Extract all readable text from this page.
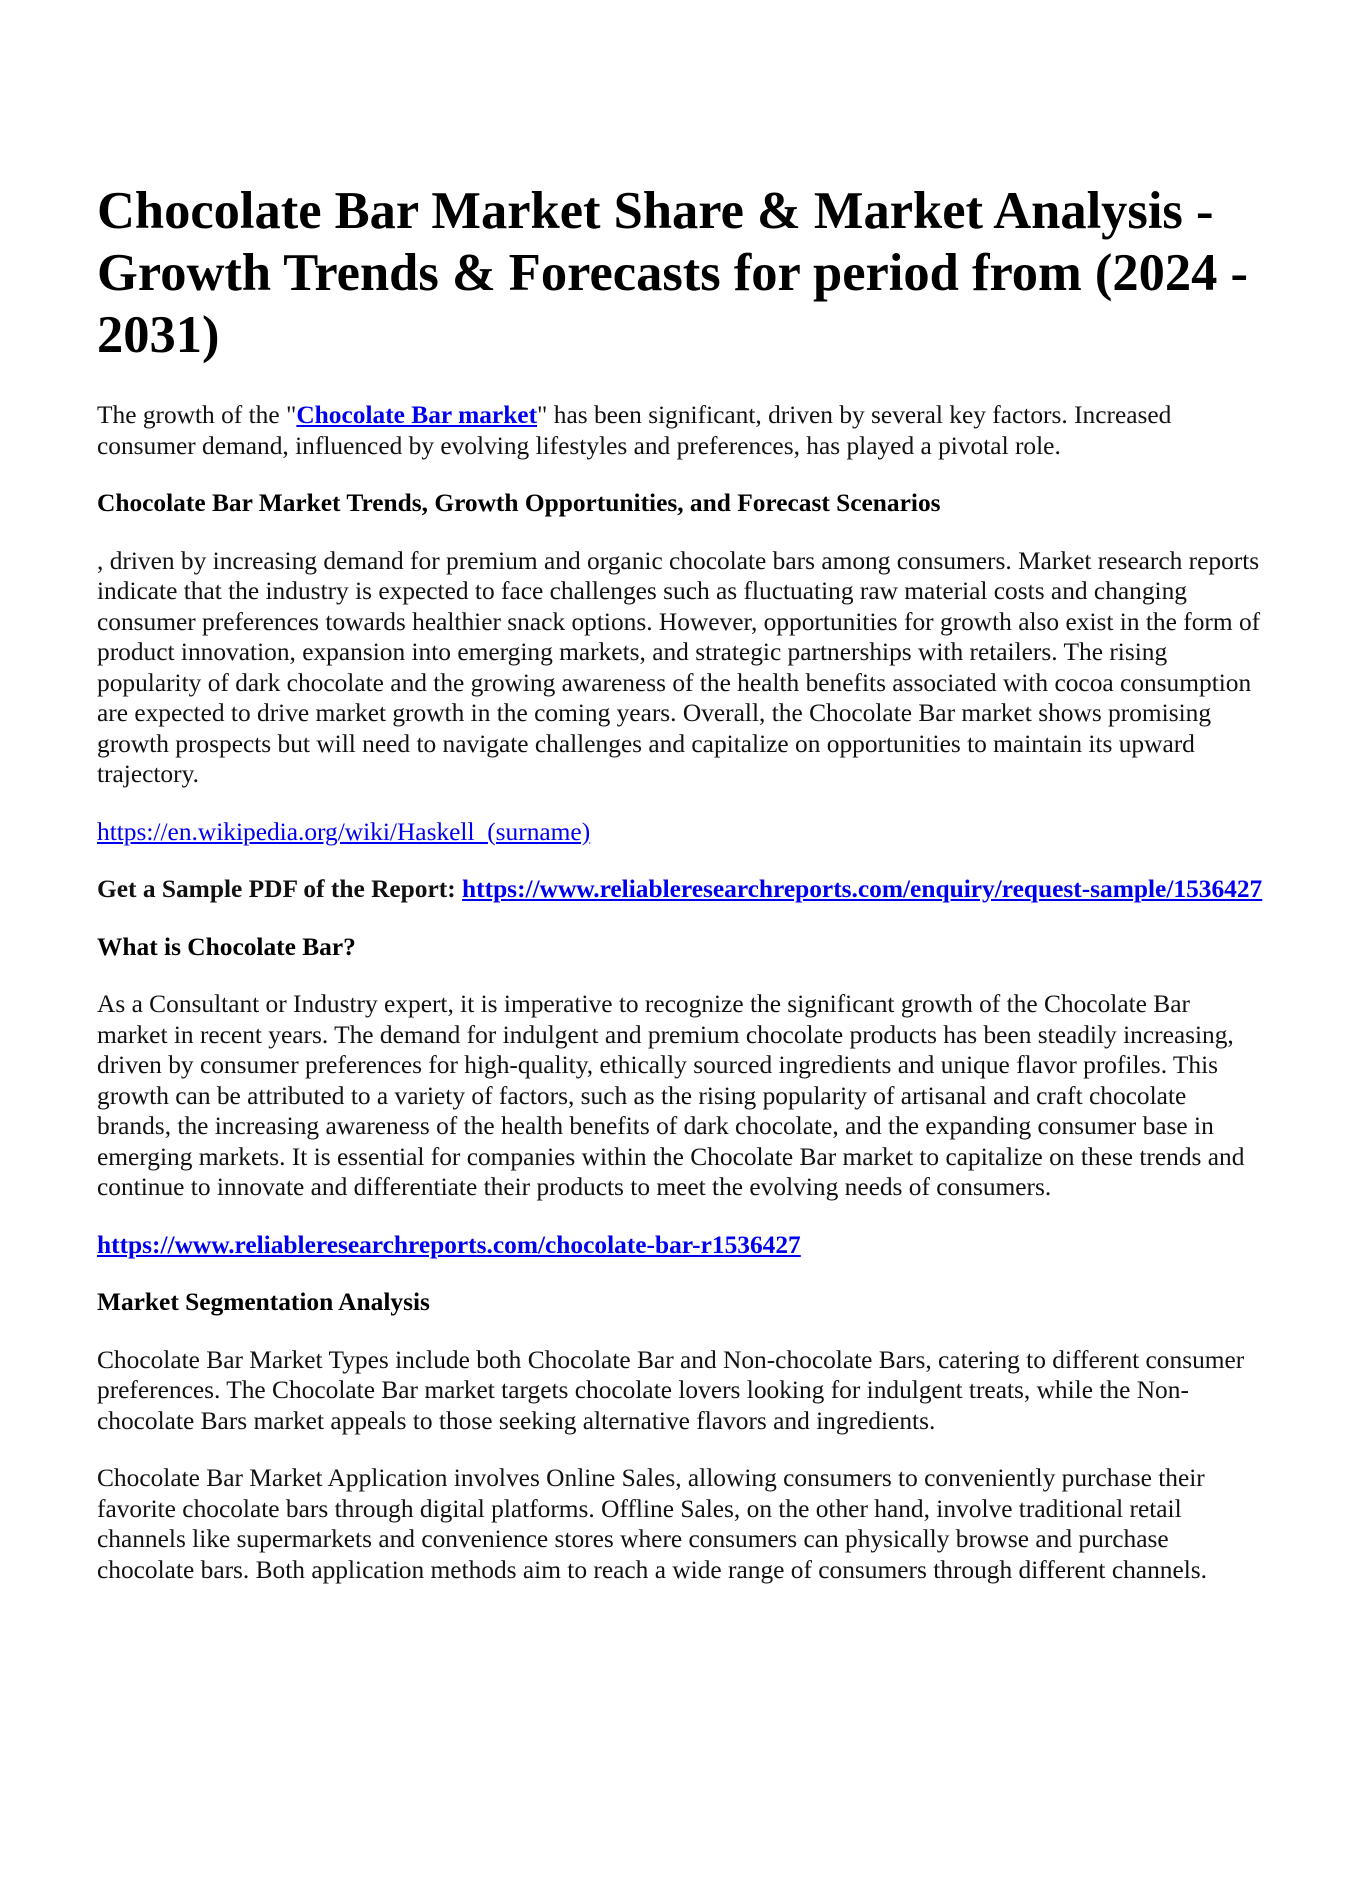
Chocolate Bar Market Share & Market Analysis - Growth Trends & Forecasts for period from (2024 - 2031)

The growth of the "Chocolate Bar market" has been significant, driven by several key factors. Increased consumer demand, influenced by evolving lifestyles and preferences, has played a pivotal role.

Chocolate Bar Market Trends, Growth Opportunities, and Forecast Scenarios

, driven by increasing demand for premium and organic chocolate bars among consumers. Market research reports indicate that the industry is expected to face challenges such as fluctuating raw material costs and changing consumer preferences towards healthier snack options. However, opportunities for growth also exist in the form of product innovation, expansion into emerging markets, and strategic partnerships with retailers. The rising popularity of dark chocolate and the growing awareness of the health benefits associated with cocoa consumption are expected to drive market growth in the coming years. Overall, the Chocolate Bar market shows promising growth prospects but will need to navigate challenges and capitalize on opportunities to maintain its upward trajectory.

https://en.wikipedia.org/wiki/Haskell_(surname)

Get a Sample PDF of the Report: https://www.reliableresearchreports.com/enquiry/request-sample/1536427

What is Chocolate Bar?

As a Consultant or Industry expert, it is imperative to recognize the significant growth of the Chocolate Bar market in recent years. The demand for indulgent and premium chocolate products has been steadily increasing, driven by consumer preferences for high-quality, ethically sourced ingredients and unique flavor profiles. This growth can be attributed to a variety of factors, such as the rising popularity of artisanal and craft chocolate brands, the increasing awareness of the health benefits of dark chocolate, and the expanding consumer base in emerging markets. It is essential for companies within the Chocolate Bar market to capitalize on these trends and continue to innovate and differentiate their products to meet the evolving needs of consumers.

https://www.reliableresearchreports.com/chocolate-bar-r1536427

Market Segmentation Analysis

Chocolate Bar Market Types include both Chocolate Bar and Non-chocolate Bars, catering to different consumer preferences. The Chocolate Bar market targets chocolate lovers looking for indulgent treats, while the Non-chocolate Bars market appeals to those seeking alternative flavors and ingredients.

Chocolate Bar Market Application involves Online Sales, allowing consumers to conveniently purchase their favorite chocolate bars through digital platforms. Offline Sales, on the other hand, involve traditional retail channels like supermarkets and convenience stores where consumers can physically browse and purchase chocolate bars. Both application methods aim to reach a wide range of consumers through different channels.
